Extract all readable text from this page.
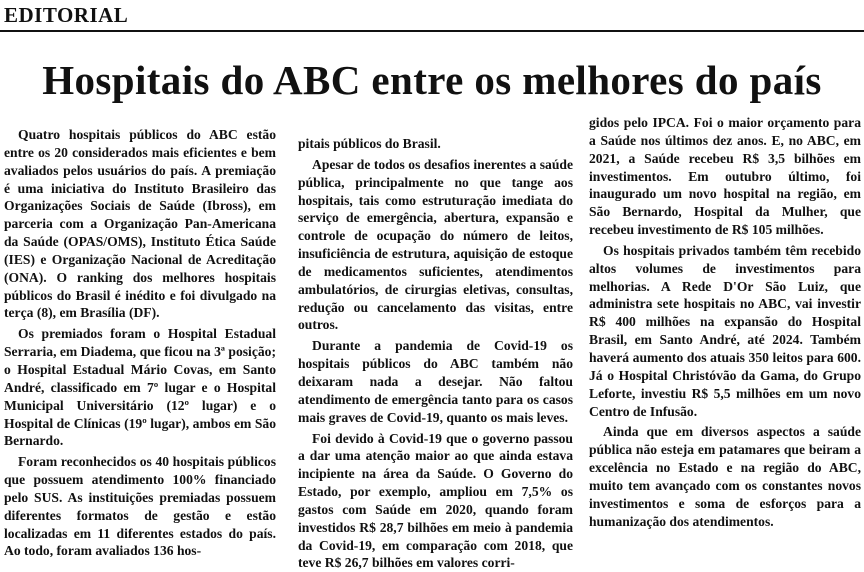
EDITORIAL
Hospitais do ABC entre os melhores do país

Quatro hospitais públicos do ABC estão entre os 20 considerados mais eficientes e bem avaliados pelos usuários do país. A premiação é uma iniciativa do Instituto Brasileiro das Organizações Sociais de Saúde (Ibross), em parceria com a Organização Pan-Americana da Saúde (OPAS/OMS), Instituto Ética Saúde (IES) e Organização Nacional de Acreditação (ONA). O ranking dos melhores hospitais públicos do Brasil é inédito e foi divulgado na terça (8), em Brasília (DF).

Os premiados foram o Hospital Estadual Serraria, em Diadema, que ficou na 3ª posição; o Hospital Estadual Mário Covas, em Santo André, classificado em 7º lugar e o Hospital Municipal Universitário (12º lugar) e o Hospital de Clínicas (19º lugar), ambos em São Bernardo.

Foram reconhecidos os 40 hospitais públicos que possuem atendimento 100% financiado pelo SUS. As instituições premiadas possuem diferentes formatos de gestão e estão localizadas em 11 diferentes estados do país. Ao todo, foram avaliados 136 hos-

pitais públicos do Brasil.

Apesar de todos os desafios inerentes a saúde pública, principalmente no que tange aos hospitais, tais como estruturação imediata do serviço de emergência, abertura, expansão e controle de ocupação do número de leitos, insuficiência de estrutura, aquisição de estoque de medicamentos suficientes, atendimentos ambulatórios, de cirurgias eletivas, consultas, redução ou cancelamento das visitas, entre outros.

Durante a pandemia de Covid-19 os hospitais públicos do ABC também não deixaram nada a desejar. Não faltou atendimento de emergência tanto para os casos mais graves de Covid-19, quanto os mais leves.

Foi devido à Covid-19 que o governo passou a dar uma atenção maior ao que ainda estava incipiente na área da Saúde. O Governo do Estado, por exemplo, ampliou em 7,5% os gastos com Saúde em 2020, quando foram investidos R$ 28,7 bilhões em meio à pandemia da Covid-19, em comparação com 2018, que teve R$ 26,7 bilhões em valores corri-

gidos pelo IPCA. Foi o maior orçamento para a Saúde nos últimos dez anos. E, no ABC, em 2021, a Saúde recebeu R$ 3,5 bilhões em investimentos. Em outubro último, foi inaugurado um novo hospital na região, em São Bernardo, Hospital da Mulher, que recebeu investimento de R$ 105 milhões.

Os hospitais privados também têm recebido altos volumes de investimentos para melhorias. A Rede D'Or São Luiz, que administra sete hospitais no ABC, vai investir R$ 400 milhões na expansão do Hospital Brasil, em Santo André, até 2024. Também haverá aumento dos atuais 350 leitos para 600. Já o Hospital Christóvão da Gama, do Grupo Leforte, investiu R$ 5,5 milhões em um novo Centro de Infusão.

Ainda que em diversos aspectos a saúde pública não esteja em patamares que beiram a excelência no Estado e na região do ABC, muito tem avançado com os constantes novos investimentos e soma de esforços para a humanização dos atendimentos.
